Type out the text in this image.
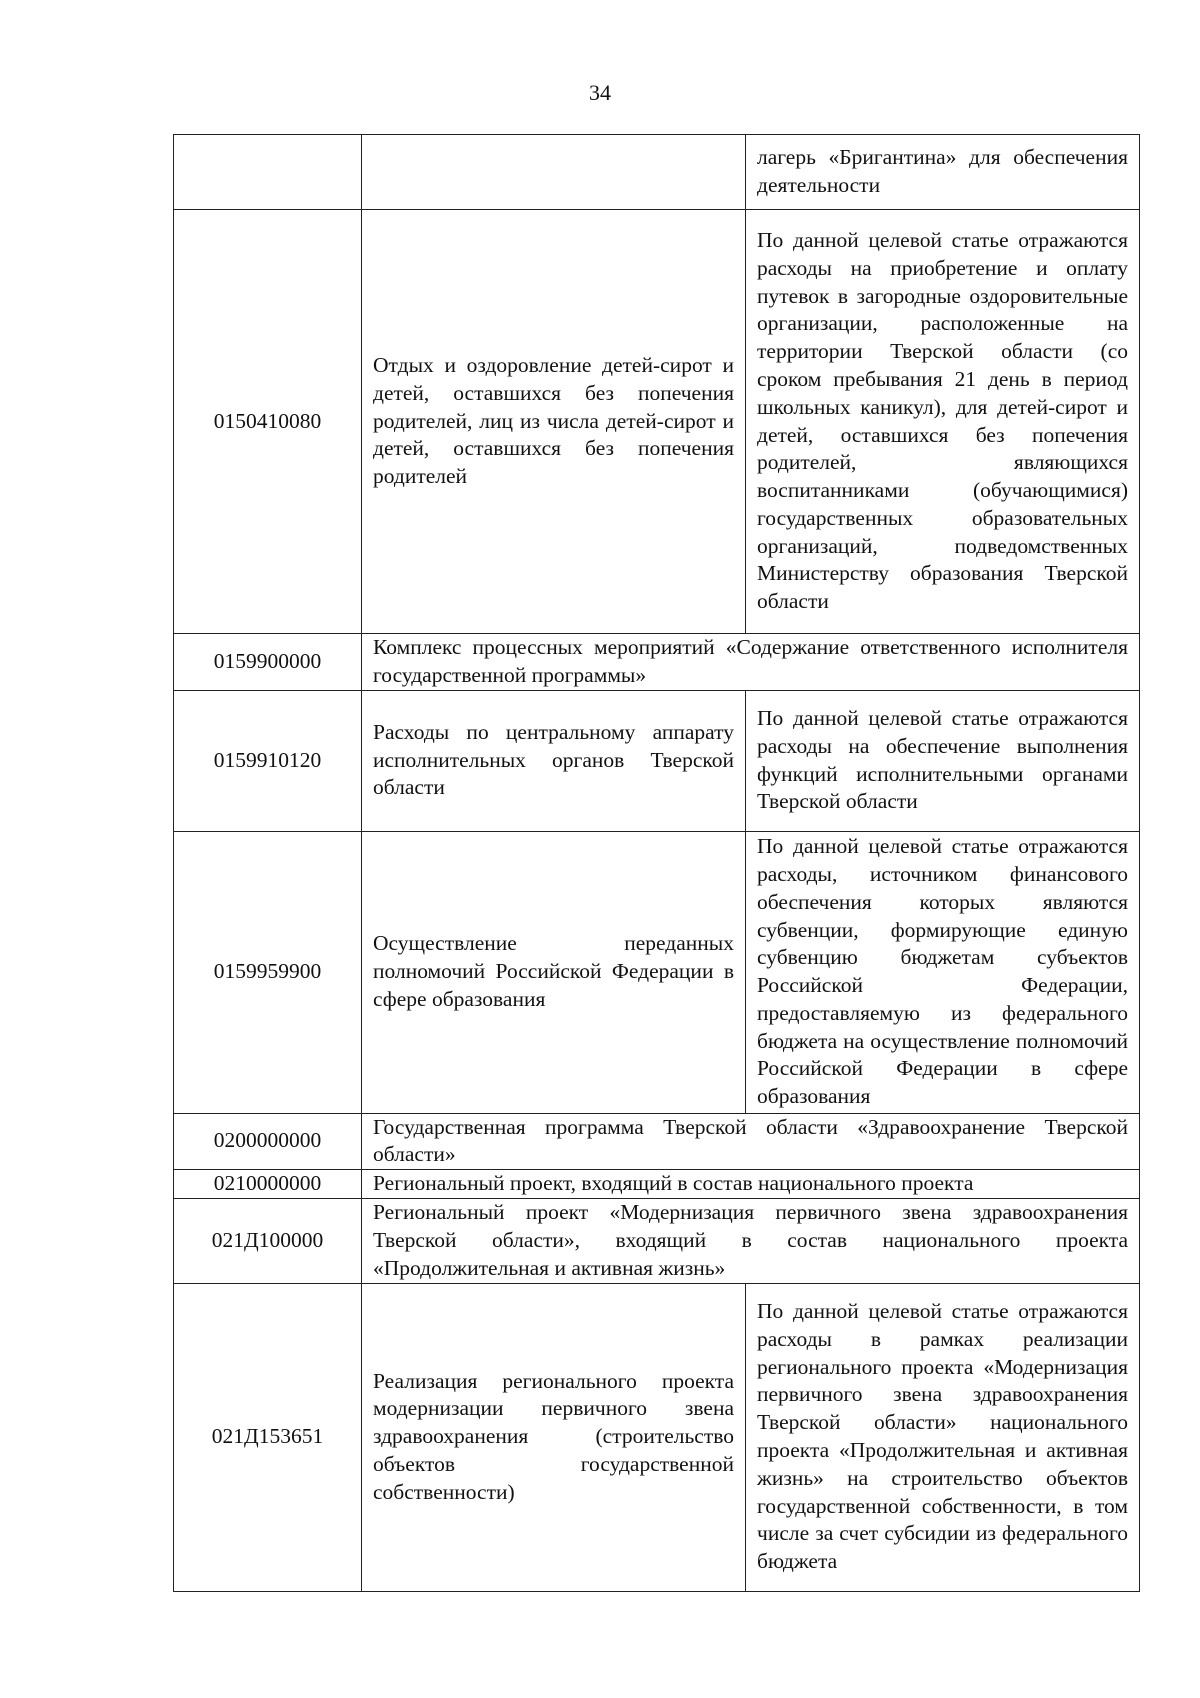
34
		лагерь «Бригантина» для обеспечения деятельности
0150410080	Отдых и оздоровление детей-сирот и детей, оставшихся без попечения родителей, лиц из числа детей-сирот и детей, оставшихся без попечения родителей	По данной целевой статье отражаются расходы на приобретение и оплату путевок в загородные оздоровительные организации, расположенные на территории Тверской области (со сроком пребывания 21 день в период школьных каникул), для детей-сирот и детей, оставшихся без попечения родителей, являющихся воспитанниками (обучающимися) государственных образовательных организаций, подведомственных Министерству образования Тверской области
0159900000	Комплекс процессных мероприятий «Содержание ответственного исполнителя государственной программы»	
0159910120	Расходы по центральному аппарату исполнительных органов Тверской области	По данной целевой статье отражаются расходы на обеспечение выполнения функций исполнительными органами Тверской области
0159959900	Осуществление переданных полномочий Российской Федерации в сфере образования	По данной целевой статье отражаются расходы, источником финансового обеспечения которых являются субвенции, формирующие единую субвенцию бюджетам субъектов Российской Федерации, предоставляемую из федерального бюджета на осуществление полномочий Российской Федерации в сфере образования
0200000000	Государственная программа Тверской области «Здравоохранение Тверской области»	
0210000000	Региональный проект, входящий в состав национального проекта	
021Д100000	Региональный проект «Модернизация первичного звена здравоохранения Тверской области», входящий в состав национального проекта «Продолжительная и активная жизнь»	
021Д153651	Реализация регионального проекта модернизации первичного звена здравоохранения (строительство объектов государственной собственности)	По данной целевой статье отражаются расходы в рамках реализации регионального проекта «Модернизация первичного звена здравоохранения Тверской области» национального проекта «Продолжительная и активная жизнь» на строительство объектов государственной собственности, в том числе за счет субсидии из федерального бюджета
